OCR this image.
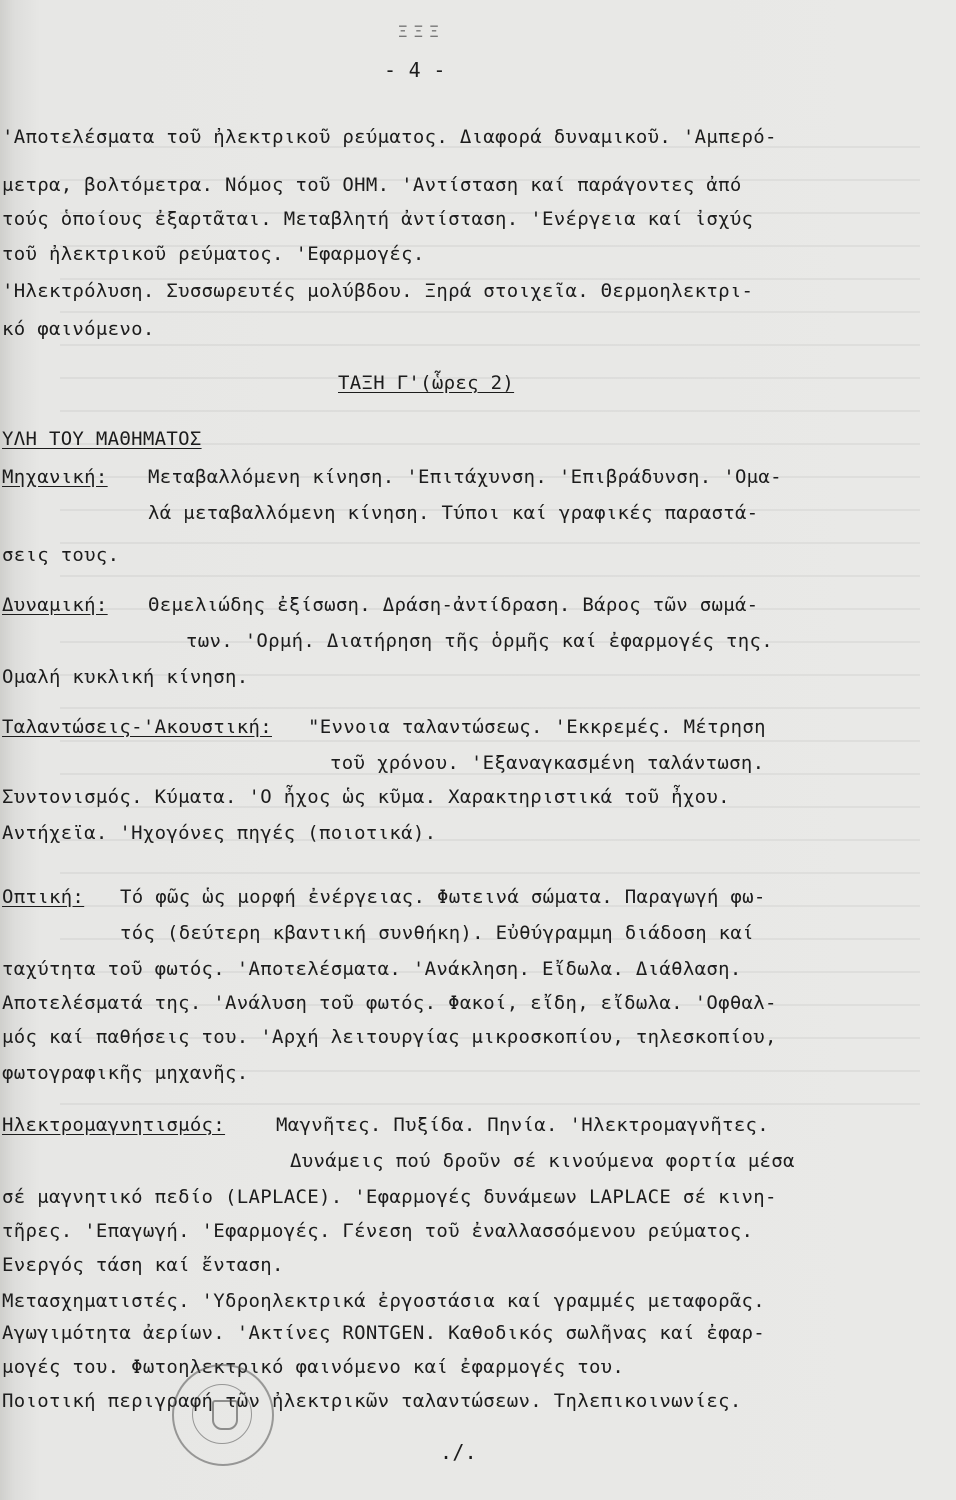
ΞΞΞ
- 4 -
'Αποτελέσματα τοῦ ἠλεκτρικοῦ ρεύματος. Διαφορά δυναμικοῦ. 'Αμπερό-
μετρα, βολτόμετρα. Νόμος τοῦ ΟΗΜ. 'Αντίσταση καί παράγοντες ἀπό
τούς ὁποίους ἐξαρτᾶται. Μεταβλητή ἀντίσταση. 'Ενέργεια καί ἰσχύς
τοῦ ἠλεκτρικοῦ ρεύματος. 'Εφαρμογές.
'Ηλεκτρόλυση. Συσσωρευτές μολύβδου. Ξηρά στοιχεῖα. Θερμοηλεκτρι-
κό φαινόμενο.
ΤΑΞΗ Γ'(ὧρες 2)
ΥΛΗ ΤΟΥ ΜΑΘΗΜΑΤΟΣ
Μηχανική: Μεταβαλλόμενη κίνηση. 'Επιτάχυνση. 'Επιβράδυνση. 'Ομα-
λά μεταβαλλόμενη κίνηση. Τύποι καί γραφικές παραστά-
σεις τους.
Δυναμική: Θεμελιώδης ἐξίσωση. Δράση-ἀντίδραση. Βάρος τῶν σωμά-
των. 'Ορμή. Διατήρηση τῆς ὁρμῆς καί ἐφαρμογές της.
Ομαλή κυκλική κίνηση.
Ταλαντώσεις-'Ακουστική: "Εννοια ταλαντώσεως. 'Εκκρεμές. Μέτρηση
τοῦ χρόνου. 'Εξαναγκασμένη ταλάντωση.
Συντονισμός. Κύματα. 'Ο ἦχος ὡς κῦμα. Χαρακτηριστικά τοῦ ἦχου.
Αντήχεϊα. 'Ηχογόνες πηγές (ποιοτικά).
Οπτική: Τό φῶς ὡς μορφή ἐνέργειας. Φωτεινά σώματα. Παραγωγή φω-
τός (δεύτερη κβαντική συνθήκη). Εὐθύγραμμη διάδοση καί
ταχύτητα τοῦ φωτός. 'Αποτελέσματα. 'Ανάκληση. Εἴδωλα. Διάθλαση.
Αποτελέσματά της. 'Ανάλυση τοῦ φωτός. Φακοί, εἴδη, εἴδωλα. 'Οφθαλ-
μός καί παθήσεις του. 'Αρχή λειτουργίας μικροσκοπίου, τηλεσκοπίου,
φωτογραφικῆς μηχανῆς.
Ηλεκτρομαγνητισμός:	Μαγνῆτες. Πυξίδα. Πηνία. 'Ηλεκτρομαγνῆτες.
Δυνάμεις πού δροῦν σέ κινούμενα φορτία μέσα
σέ μαγνητικό πεδίο (LAPLACE). 'Εφαρμογές δυνάμεων LAPLACE σέ κινη-
τῆρες. 'Επαγωγή. 'Εφαρμογές. Γένεση τοῦ ἐναλλασσόμενου ρεύματος.
Ενεργός τάση καί ἔνταση.
Μετασχηματιστές. 'Υδροηλεκτρικά ἐργοστάσια καί γραμμές μεταφορᾶς.
Αγωγιμότητα ἀερίων. 'Ακτίνες RONTGEN. Καθοδικός σωλῆνας καί ἐφαρ-
μογές του. Φωτοηλεκτρικό φαινόμενο καί ἐφαρμογές του.
Ποιοτική περιγραφή τῶν ἠλεκτρικῶν ταλαντώσεων. Τηλεπικοινωνίες.
./.
